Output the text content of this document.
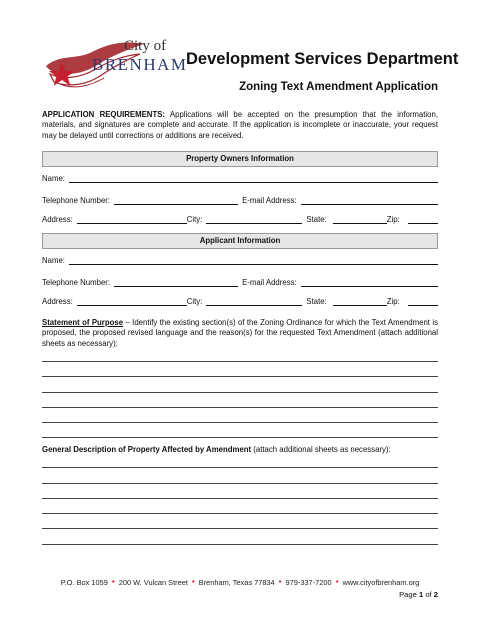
City of
BRENHAM
Development Services Department
Zoning Text Amendment Application
APPLICATION REQUIREMENTS: Applications will be accepted on the presumption that the information, materials, and signatures are complete and accurate. If the application is incomplete or inaccurate, your request may be delayed until corrections or additions are received.
Property Owners Information
Name:
Telephone Number:	E-mail Address:
Address:	City:	State:	Zip:
Applicant Information
Name:
Telephone Number:	E-mail Address:
Address:	City:	State:	Zip:
Statement of Purpose – Identify the existing section(s) of the Zoning Ordinance for which the Text Amendment is proposed, the proposed revised language and the reason(s) for the requested Text Amendment (attach additional sheets as necessary):
General Description of Property Affected by Amendment (attach additional sheets as necessary):
P.O. Box 1059 * 200 W. Vulcan Street * Brenham, Texas 77834 * 979-337-7200 * www.cityofbrenham.org
Page 1 of 2
